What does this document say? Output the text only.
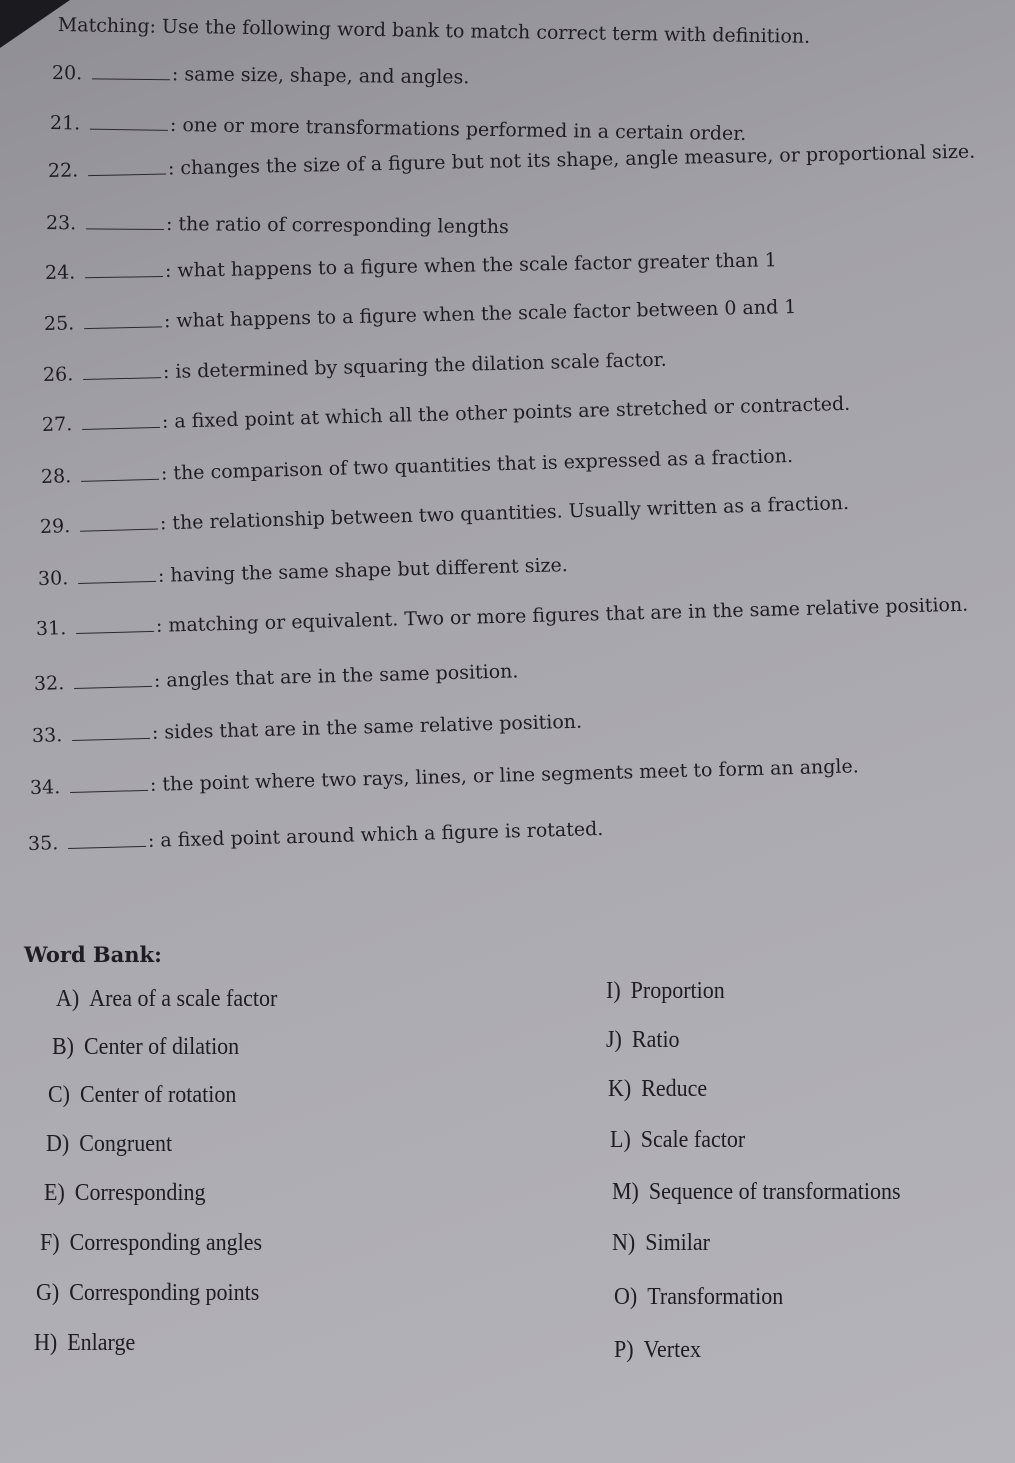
Matching: Use the following word bank to match correct term with definition.
20.	: same size, shape, and angles.
21.	: one or more transformations performed in a certain order.
22.	: changes the size of a figure but not its shape, angle measure, or proportional size.
23.	: the ratio of corresponding lengths
24.	: what happens to a figure when the scale factor greater than 1
25.	: what happens to a figure when the scale factor between 0 and 1
26.	: is determined by squaring the dilation scale factor.
27.	: a fixed point at which all the other points are stretched or contracted.
28.	: the comparison of two quantities that is expressed as a fraction.
29.	: the relationship between two quantities. Usually written as a fraction.
30.	: having the same shape but different size.
31.	: matching or equivalent. Two or more figures that are in the same relative position.
32.	: angles that are in the same position.
33.	: sides that are in the same relative position.
34.	: the point where two rays, lines, or line segments meet to form an angle.
35.	: a fixed point around which a figure is rotated.
Word Bank:
A) Area of a scale factor
B) Center of dilation
C) Center of rotation
D) Congruent
E) Corresponding
F) Corresponding angles
G) Corresponding points
H) Enlarge
I) Proportion
J) Ratio
K) Reduce
L) Scale factor
M) Sequence of transformations
N) Similar
O) Transformation
P) Vertex
